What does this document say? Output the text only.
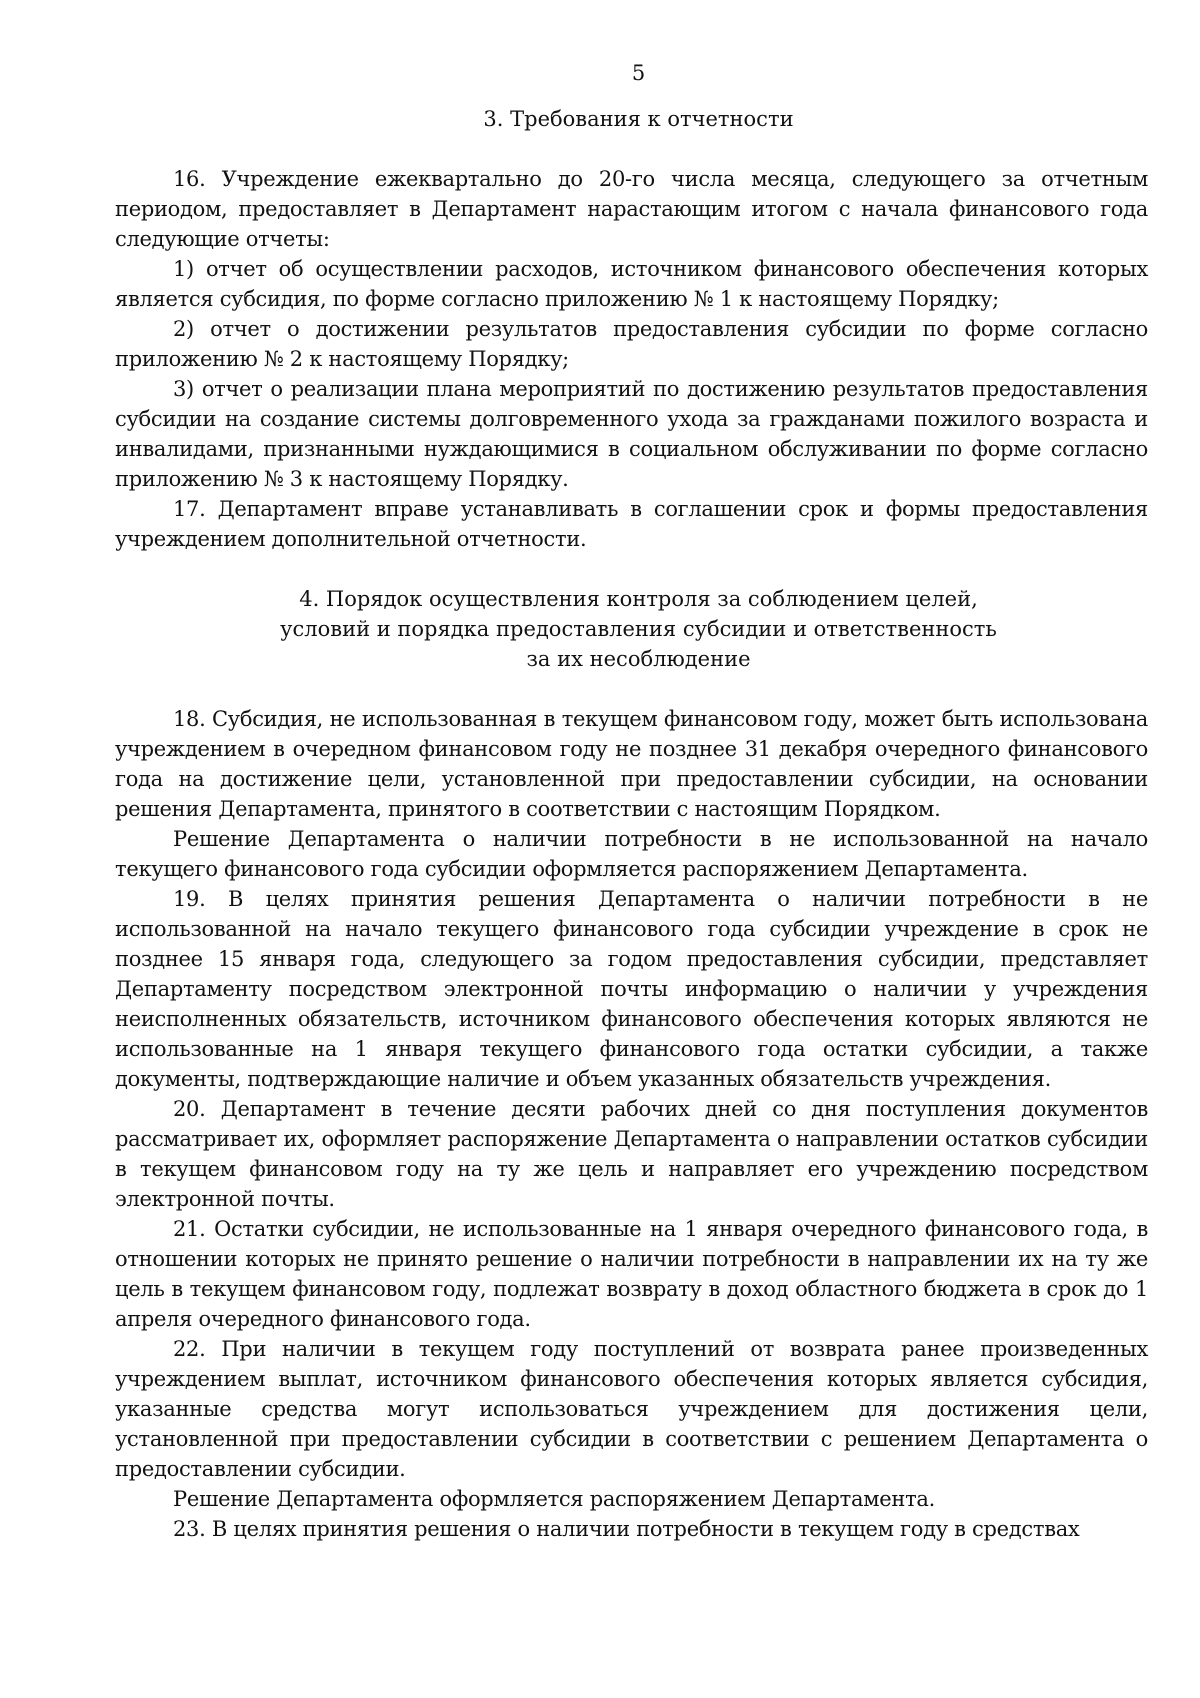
5

3. Требования к отчетности

16. Учреждение ежеквартально до 20-го числа месяца, следующего за отчетным периодом, предоставляет в Департамент нарастающим итогом с начала финансового года следующие отчеты:

1) отчет об осуществлении расходов, источником финансового обеспечения которых является субсидия, по форме согласно приложению № 1 к настоящему Порядку;

2) отчет о достижении результатов предоставления субсидии по форме согласно приложению № 2 к настоящему Порядку;

3) отчет о реализации плана мероприятий по достижению результатов предоставления субсидии на создание системы долговременного ухода за гражданами пожилого возраста и инвалидами, признанными нуждающимися в социальном обслуживании по форме согласно приложению № 3 к настоящему Порядку.

17. Департамент вправе устанавливать в соглашении срок и формы предоставления учреждением дополнительной отчетности.

4. Порядок осуществления контроля за соблюдением целей,
условий и порядка предоставления субсидии и ответственность
за их несоблюдение

18. Субсидия, не использованная в текущем финансовом году, может быть использована учреждением в очередном финансовом году не позднее 31 декабря очередного финансового года на достижение цели, установленной при предоставлении субсидии, на основании решения Департамента, принятого в соответствии с настоящим Порядком.

Решение Департамента о наличии потребности в не использованной на начало текущего финансового года субсидии оформляется распоряжением Департамента.

19. В целях принятия решения Департамента о наличии потребности в не использованной на начало текущего финансового года субсидии учреждение в срок не позднее 15 января года, следующего за годом предоставления субсидии, представляет Департаменту посредством электронной почты информацию о наличии у учреждения неисполненных обязательств, источником финансового обеспечения которых являются не использованные на 1 января текущего финансового года остатки субсидии, а также документы, подтверждающие наличие и объем указанных обязательств учреждения.

20. Департамент в течение десяти рабочих дней со дня поступления документов рассматривает их, оформляет распоряжение Департамента о направлении остатков субсидии в текущем финансовом году на ту же цель и направляет его учреждению посредством электронной почты.

21. Остатки субсидии, не использованные на 1 января очередного финансового года, в отношении которых не принято решение о наличии потребности в направлении их на ту же цель в текущем финансовом году, подлежат возврату в доход областного бюджета в срок до 1 апреля очередного финансового года.

22. При наличии в текущем году поступлений от возврата ранее произведенных учреждением выплат, источником финансового обеспечения которых является субсидия, указанные средства могут использоваться учреждением для достижения цели, установленной при предоставлении субсидии в соответствии с решением Департамента о предоставлении субсидии.

Решение Департамента оформляется распоряжением Департамента.

23. В целях принятия решения о наличии потребности в текущем году в средствах
